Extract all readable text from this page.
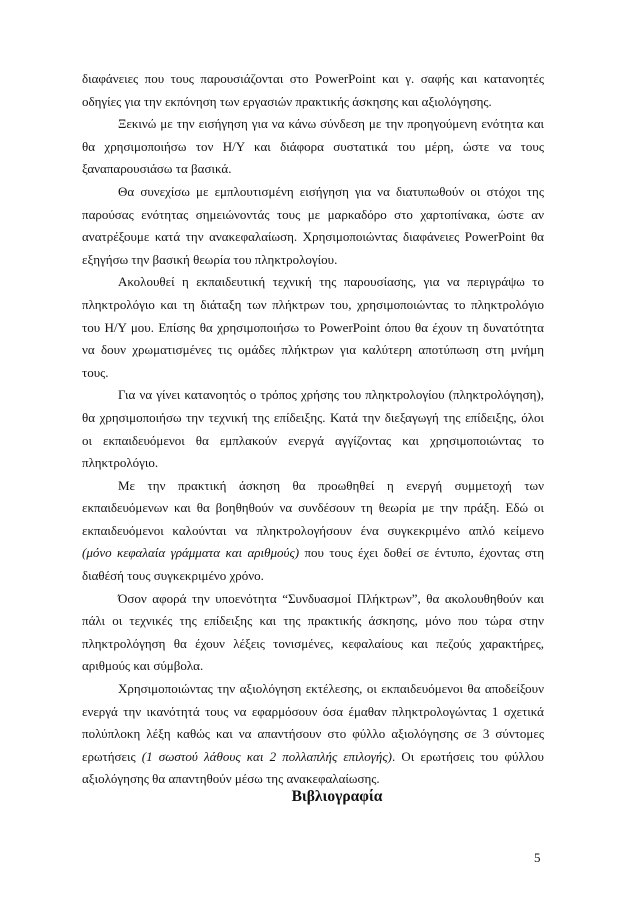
διαφάνειες που τους παρουσιάζονται στο PowerPoint και γ. σαφής και κατανοητές
οδηγίες για την εκπόνηση των εργασιών πρακτικής άσκησης και αξιολόγησης.
Ξεκινώ με την εισήγηση για να κάνω σύνδεση με την προηγούμενη ενότητα και
θα χρησιμοποιήσω τον Η/Υ και διάφορα συστατικά του μέρη, ώστε να τους
ξαναπαρουσιάσω τα βασικά.
Θα συνεχίσω με εμπλουτισμένη εισήγηση για να διατυπωθούν οι στόχοι της
παρούσας ενότητας σημειώνοντάς τους με μαρκαδόρο στο χαρτοπίνακα, ώστε αν
ανατρέξουμε κατά την ανακεφαλαίωση. Χρησιμοποιώντας διαφάνειες PowerPoint θα
εξηγήσω την βασική θεωρία του πληκτρολογίου.
Ακολουθεί η εκπαιδευτική τεχνική της παρουσίασης, για να περιγράψω το
πληκτρολόγιο και τη διάταξη των πλήκτρων του, χρησιμοποιώντας το πληκτρολόγιο
του Η/Υ μου. Επίσης θα χρησιμοποιήσω το PowerPoint όπου θα έχουν τη δυνατότητα
να δουν χρωματισμένες τις ομάδες πλήκτρων για καλύτερη αποτύπωση στη μνήμη
τους.
Για να γίνει κατανοητός ο τρόπος χρήσης του πληκτρολογίου (πληκτρολόγηση),
θα χρησιμοποιήσω την τεχνική της επίδειξης. Κατά την διεξαγωγή της επίδειξης, όλοι
οι εκπαιδευόμενοι θα εμπλακούν ενεργά αγγίζοντας και χρησιμοποιώντας το
πληκτρολόγιο.
Με την πρακτική άσκηση θα προωθηθεί η ενεργή συμμετοχή των
εκπαιδευόμενων και θα βοηθηθούν να συνδέσουν τη θεωρία με την πράξη. Εδώ οι
εκπαιδευόμενοι καλούνται να πληκτρολογήσουν ένα συγκεκριμένο απλό κείμενο
(μόνο κεφαλαία γράμματα και αριθμούς) που τους έχει δοθεί σε έντυπο, έχοντας στη
διαθέσή τους συγκεκριμένο χρόνο.
Όσον αφορά την υποενότητα “Συνδυασμοί Πλήκτρων”, θα ακολουθηθούν και
πάλι οι τεχνικές της επίδειξης και της πρακτικής άσκησης, μόνο που τώρα στην
πληκτρολόγηση θα έχουν λέξεις τονισμένες, κεφαλαίους και πεζούς χαρακτήρες,
αριθμούς και σύμβολα.
Χρησιμοποιώντας την αξιολόγηση εκτέλεσης, οι εκπαιδευόμενοι θα αποδείξουν
ενεργά την ικανότητά τους να εφαρμόσουν όσα έμαθαν πληκτρολογώντας 1 σχετικά
πολύπλοκη λέξη καθώς και να απαντήσουν στο φύλλο αξιολόγησης σε 3 σύντομες
ερωτήσεις (1 σωστού λάθους και 2 πολλαπλής επιλογής). Οι ερωτήσεις του φύλλου
αξιολόγησης θα απαντηθούν μέσω της ανακεφαλαίωσης.
Βιβλιογραφία
5
